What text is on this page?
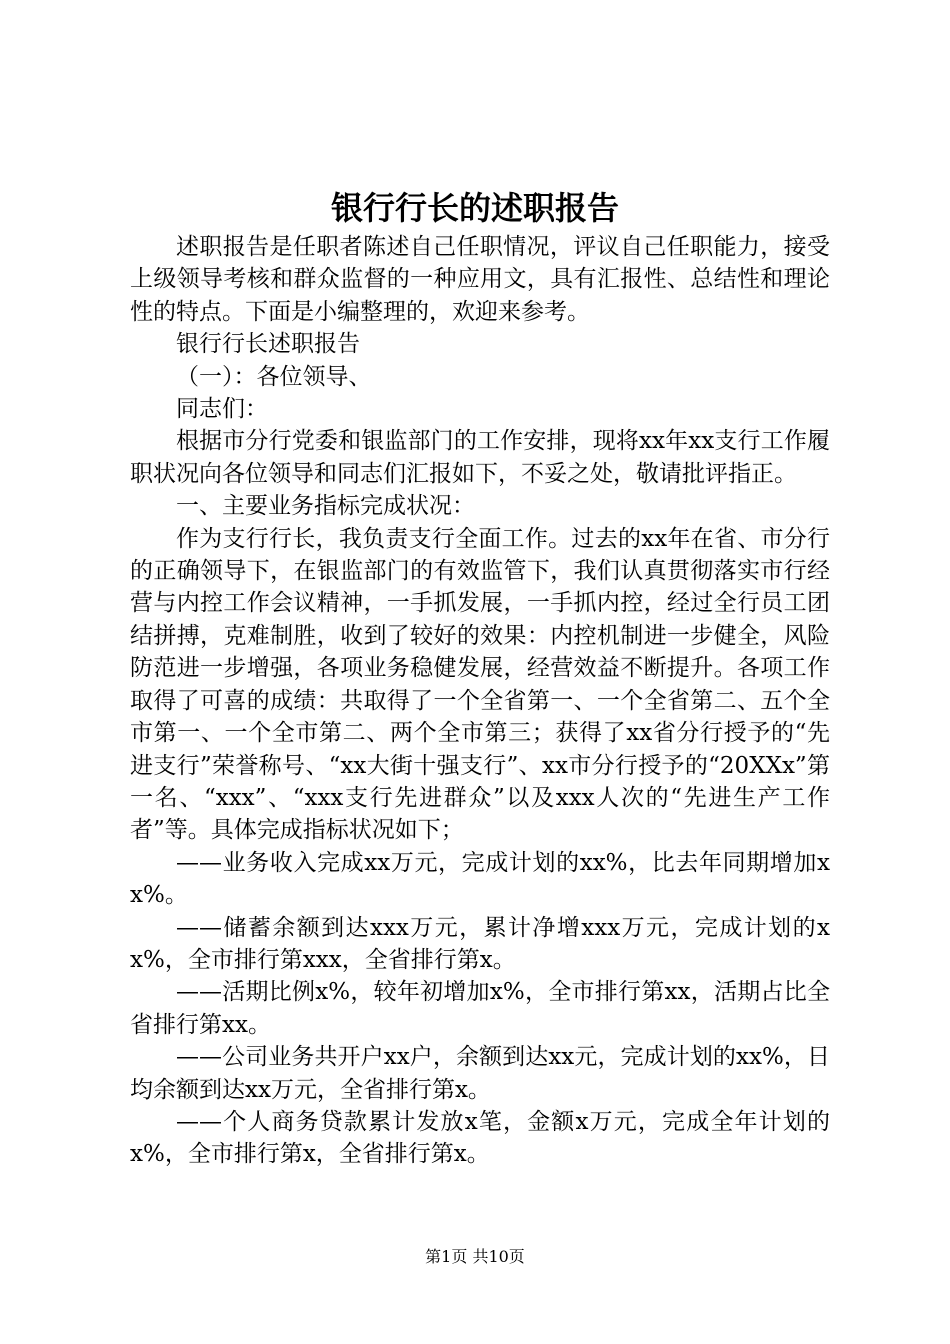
银行行长的述职报告

述职报告是任职者陈述自己任职情况，评议自己任职能力，接受上级领导考核和群众监督的一种应用文，具有汇报性、总结性和理论性的特点。下面是小编整理的，欢迎来参考。

银行行长述职报告

（一）：各位领导、

同志们：

根据市分行党委和银监部门的工作安排，现将xx年xx支行工作履职状况向各位领导和同志们汇报如下，不妥之处，敬请批评指正。

一、主要业务指标完成状况：

作为支行行长，我负责支行全面工作。过去的xx年在省、市分行的正确领导下，在银监部门的有效监管下，我们认真贯彻落实市行经营与内控工作会议精神，一手抓发展，一手抓内控，经过全行员工团结拼搏，克难制胜，收到了较好的效果：内控机制进一步健全，风险防范进一步增强，各项业务稳健发展，经营效益不断提升。各项工作取得了可喜的成绩：共取得了一个全省第一、一个全省第二、五个全市第一、一个全市第二、两个全市第三；获得了xx省分行授予的“先进支行”荣誉称号、“xx大街十强支行”、xx市分行授予的“20XXx”第一名、“xxx”、“xxx支行先进群众”以及xxx人次的“先进生产工作者”等。具体完成指标状况如下；

——业务收入完成xx万元，完成计划的xx%，比去年同期增加xx%。

——储蓄余额到达xxx万元，累计净增xxx万元，完成计划的xx%，全市排行第xxx，全省排行第x。

——活期比例x%，较年初增加x%，全市排行第xx，活期占比全省排行第xx。

——公司业务共开户xx户，余额到达xx元，完成计划的xx%，日均余额到达xx万元，全省排行第x。

——个人商务贷款累计发放x笔，金额x万元，完成全年计划的x%，全市排行第x，全省排行第x。

第1页 共10页
